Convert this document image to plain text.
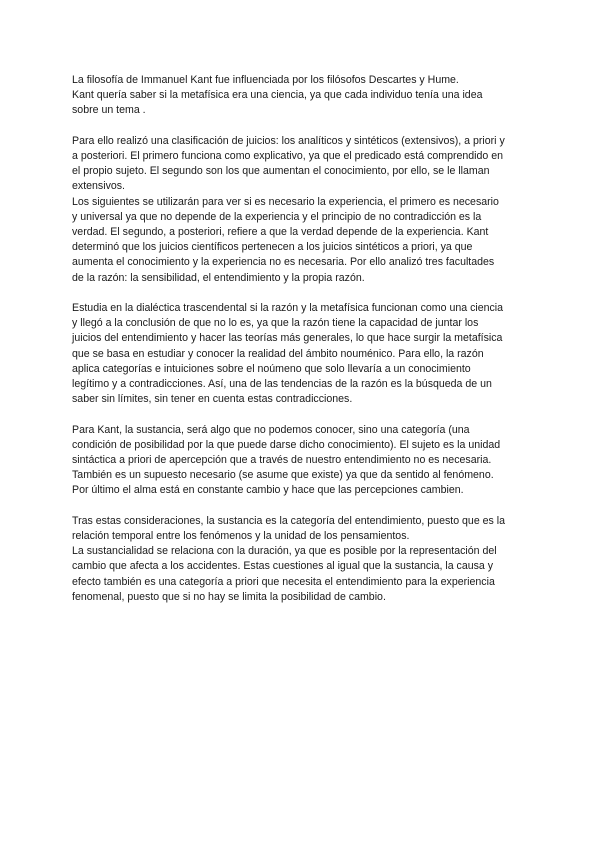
La filosofía de Immanuel Kant fue influenciada por los filósofos Descartes y Hume.
Kant quería saber si la metafísica era una ciencia, ya que cada individuo tenía una idea
sobre un tema .

Para ello realizó una clasificación de juicios: los analíticos y sintéticos (extensivos), a priori y
a posteriori. El primero funciona como explicativo, ya que el predicado está comprendido en
el propio sujeto. El segundo son los que aumentan el conocimiento, por ello, se le llaman
extensivos.
Los siguientes se utilizarán para ver si es necesario la experiencia, el primero es necesario
y universal ya que no depende de la experiencia y el principio de no contradicción es la
verdad. El segundo, a posteriori, refiere a que la verdad depende de la experiencia. Kant
determinó que los juicios científicos pertenecen a los juicios sintéticos a priori, ya que
aumenta el conocimiento y la experiencia no es necesaria. Por ello analizó tres facultades
de la razón: la sensibilidad, el entendimiento y la propia razón.

Estudia en la dialéctica trascendental si la razón y la metafísica funcionan como una ciencia
y llegó a la conclusión de que no lo es, ya que la razón tiene la capacidad de juntar los
juicios del entendimiento y hacer las teorías más generales, lo que hace surgir la metafísica
que se basa en estudiar y conocer la realidad del ámbito nouménico. Para ello, la razón
aplica categorías e intuiciones sobre el noúmeno que solo llevaría a un conocimiento
legítimo y a contradicciones. Así, una de las tendencias de la razón es la búsqueda de un
saber sin límites, sin tener en cuenta estas contradicciones.

Para Kant, la sustancia, será algo que no podemos conocer, sino una categoría (una
condición de posibilidad por la que puede darse dicho conocimiento). El sujeto es la unidad
sintáctica a priori de apercepción que a través de nuestro entendimiento no es necesaria.
También es un supuesto necesario (se asume que existe) ya que da sentido al fenómeno.
Por último el alma está en constante cambio y hace que las percepciones cambien.

Tras estas consideraciones, la sustancia es la categoría del entendimiento, puesto que es la
relación temporal entre los fenómenos y la unidad de los pensamientos.
La sustancialidad se relaciona con la duración, ya que es posible por la representación del
cambio que afecta a los accidentes. Estas cuestiones al igual que la sustancia, la causa y
efecto también es una categoría a priori que necesita el entendimiento para la experiencia
fenomenal, puesto que si no hay se limita la posibilidad de cambio.
